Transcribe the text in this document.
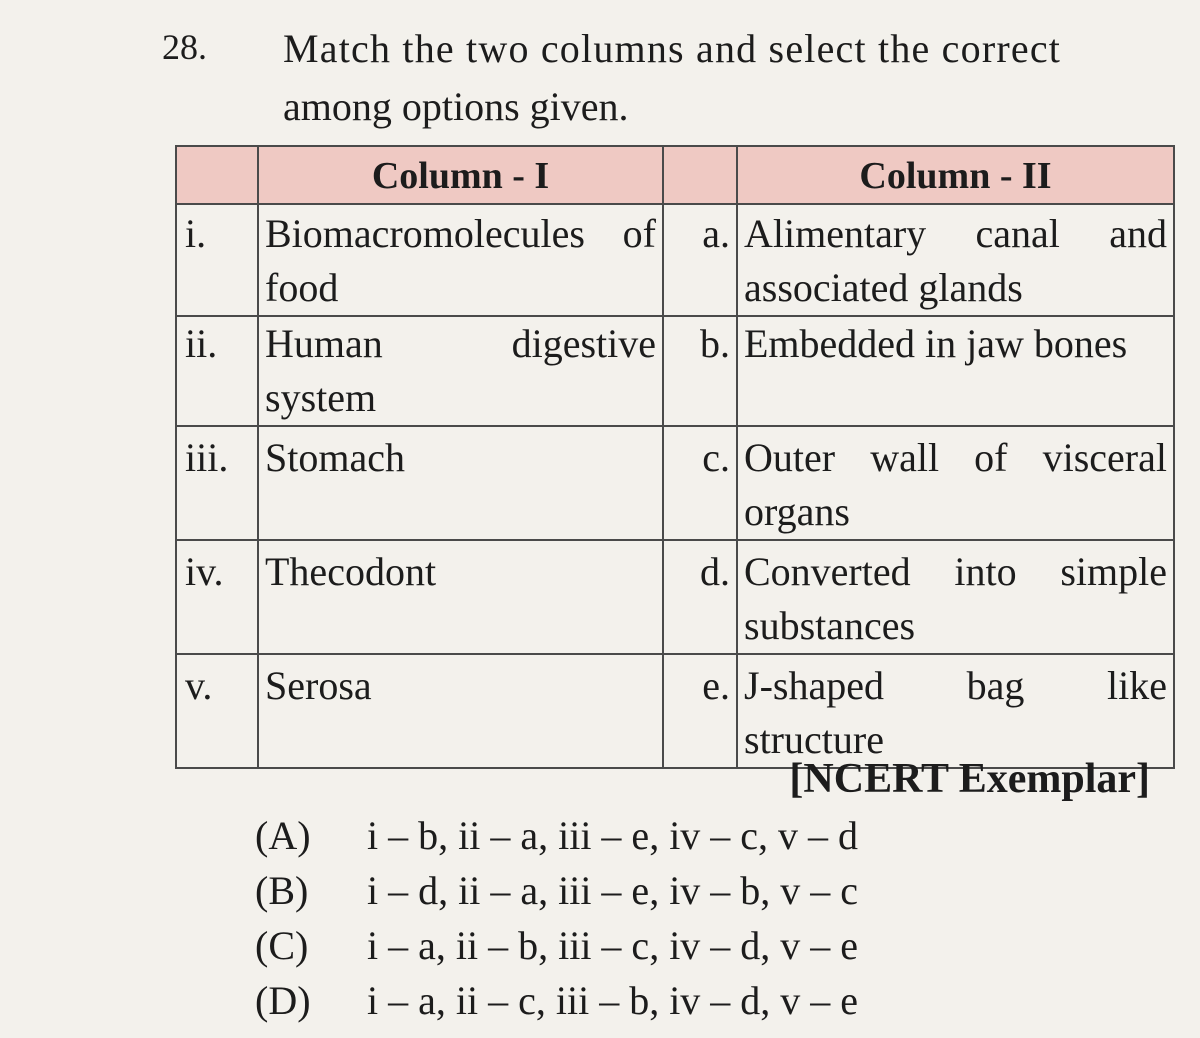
28. Match the two columns and select the correct
among options given.
	Column - I		Column - II
i.	Biomacromolecules of food	a.	Alimentary canal and associated glands
ii.	Human digestive system	b.	Embedded in jaw bones
iii.	Stomach	c.	Outer wall of visceral organs
iv.	Thecodont	d.	Converted into simple substances
v.	Serosa	e.	J-shaped bag like structure
[NCERT Exemplar]
(A) i – b, ii – a, iii – e, iv – c, v – d
(B) i – d, ii – a, iii – e, iv – b, v – c
(C) i – a, ii – b, iii – c, iv – d, v – e
(D) i – a, ii – c, iii – b, iv – d, v – e
